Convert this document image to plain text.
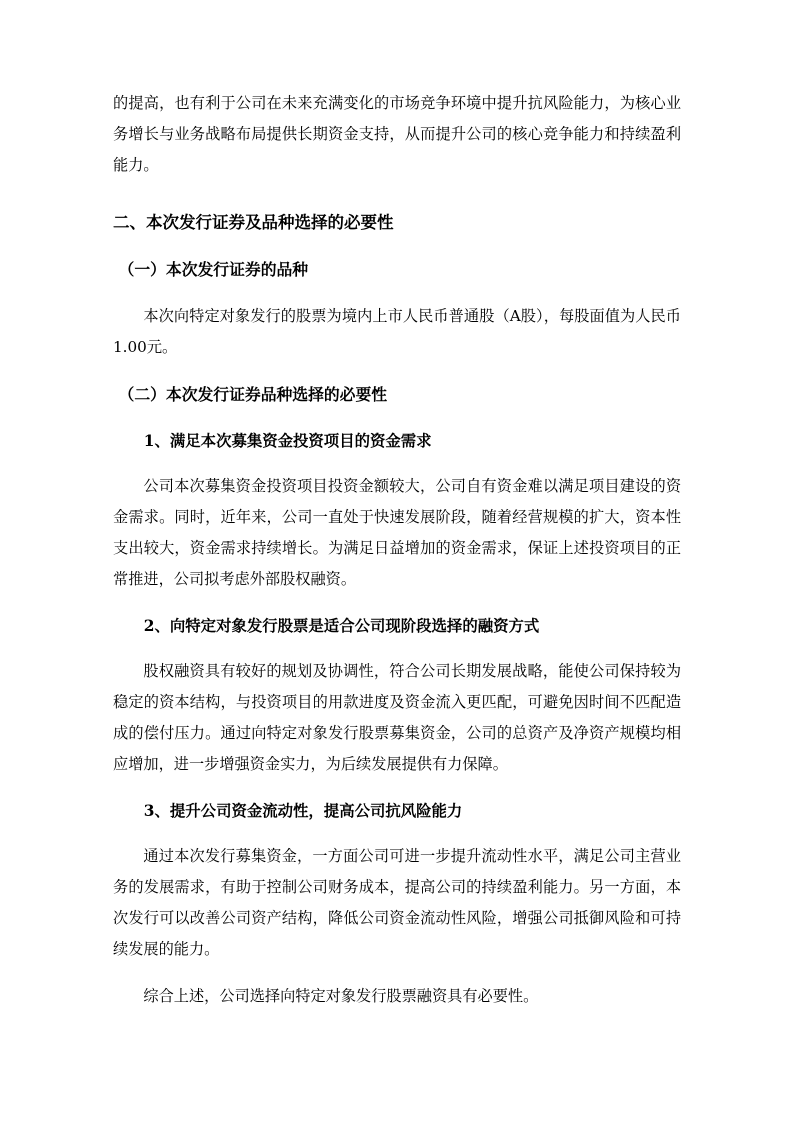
的提高，也有利于公司在未来充满变化的市场竞争环境中提升抗风险能力，为核心业务增长与业务战略布局提供长期资金支持，从而提升公司的核心竞争能力和持续盈利能力。

二、本次发行证券及品种选择的必要性

（一）本次发行证券的品种

本次向特定对象发行的股票为境内上市人民币普通股（A股），每股面值为人民币1.00元。

（二）本次发行证券品种选择的必要性

1、满足本次募集资金投资项目的资金需求

公司本次募集资金投资项目投资金额较大，公司自有资金难以满足项目建设的资金需求。同时，近年来，公司一直处于快速发展阶段，随着经营规模的扩大，资本性支出较大，资金需求持续增长。为满足日益增加的资金需求，保证上述投资项目的正常推进，公司拟考虑外部股权融资。

2、向特定对象发行股票是适合公司现阶段选择的融资方式

股权融资具有较好的规划及协调性，符合公司长期发展战略，能使公司保持较为稳定的资本结构，与投资项目的用款进度及资金流入更匹配，可避免因时间不匹配造成的偿付压力。通过向特定对象发行股票募集资金，公司的总资产及净资产规模均相应增加，进一步增强资金实力，为后续发展提供有力保障。

3、提升公司资金流动性，提高公司抗风险能力

通过本次发行募集资金，一方面公司可进一步提升流动性水平，满足公司主营业务的发展需求，有助于控制公司财务成本，提高公司的持续盈利能力。另一方面，本次发行可以改善公司资产结构，降低公司资金流动性风险，增强公司抵御风险和可持续发展的能力。

综合上述，公司选择向特定对象发行股票融资具有必要性。
